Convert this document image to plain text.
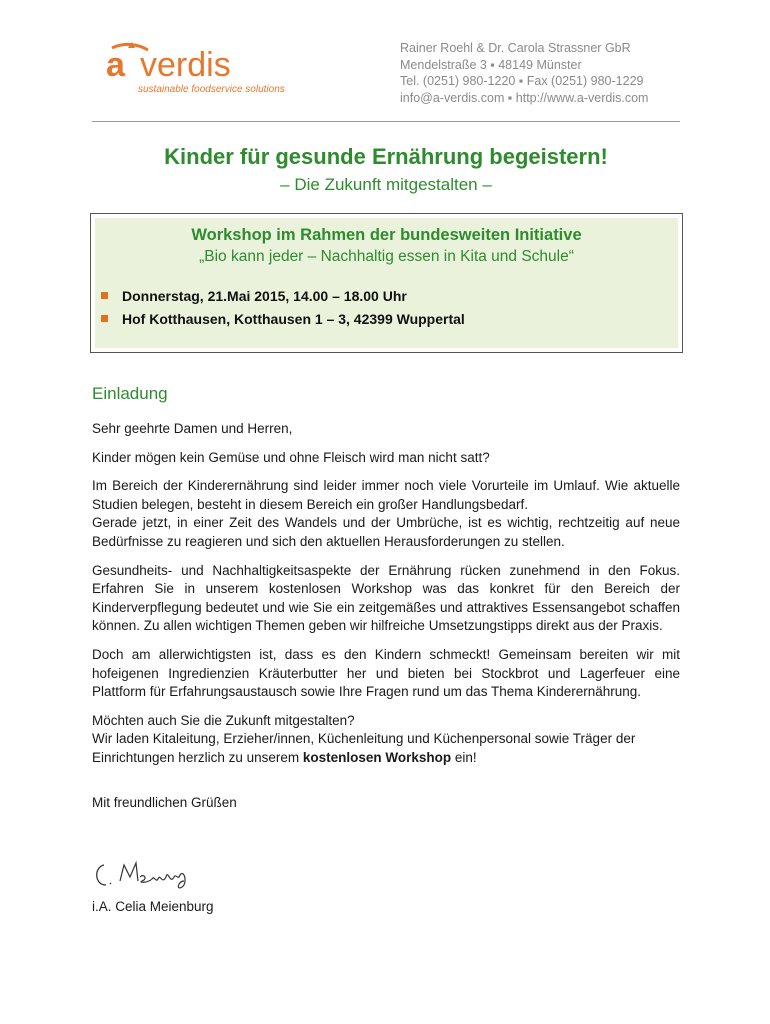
a verdis
sustainable foodservice solutions
Rainer Roehl & Dr. Carola Strassner GbR
Mendelstraße 3 ▪ 48149 Münster
Tel. (0251) 980-1220 ▪ Fax (0251) 980-1229
info@a-verdis.com ▪ http://www.a-verdis.com
Kinder für gesunde Ernährung begeistern!
– Die Zukunft mitgestalten –
Workshop im Rahmen der bundesweiten Initiative
„Bio kann jeder – Nachhaltig essen in Kita und Schule“
Donnerstag, 21.Mai 2015, 14.00 – 18.00 Uhr
Hof Kotthausen, Kotthausen 1 – 3, 42399 Wuppertal
Einladung

Sehr geehrte Damen und Herren,

Kinder mögen kein Gemüse und ohne Fleisch wird man nicht satt?

Im Bereich der Kinderernährung sind leider immer noch viele Vorurteile im Umlauf. Wie aktuelle Studien belegen, besteht in diesem Bereich ein großer Handlungsbedarf.

Gerade jetzt, in einer Zeit des Wandels und der Umbrüche, ist es wichtig, rechtzeitig auf neue Bedürfnisse zu reagieren und sich den aktuellen Herausforderungen zu stellen.

Gesundheits- und Nachhaltigkeitsaspekte der Ernährung rücken zunehmend in den Fokus. Erfahren Sie in unserem kostenlosen Workshop was das konkret für den Bereich der Kinderverpflegung bedeutet und wie Sie ein zeitgemäßes und attraktives Essensangebot schaffen können. Zu allen wichtigen Themen geben wir hilfreiche Umsetzungstipps direkt aus der Praxis.

Doch am allerwichtigsten ist, dass es den Kindern schmeckt! Gemeinsam bereiten wir mit hofeigenen Ingredienzien Kräuterbutter her und bieten bei Stockbrot und Lagerfeuer eine Plattform für Erfahrungsaustausch sowie Ihre Fragen rund um das Thema Kinderernährung.

Möchten auch Sie die Zukunft mitgestalten?

Wir laden Kitaleitung, Erzieher/innen, Küchenleitung und Küchenpersonal sowie Träger der Einrichtungen herzlich zu unserem kostenlosen Workshop ein!

Mit freundlichen Grüßen

i.A. Celia Meienburg
